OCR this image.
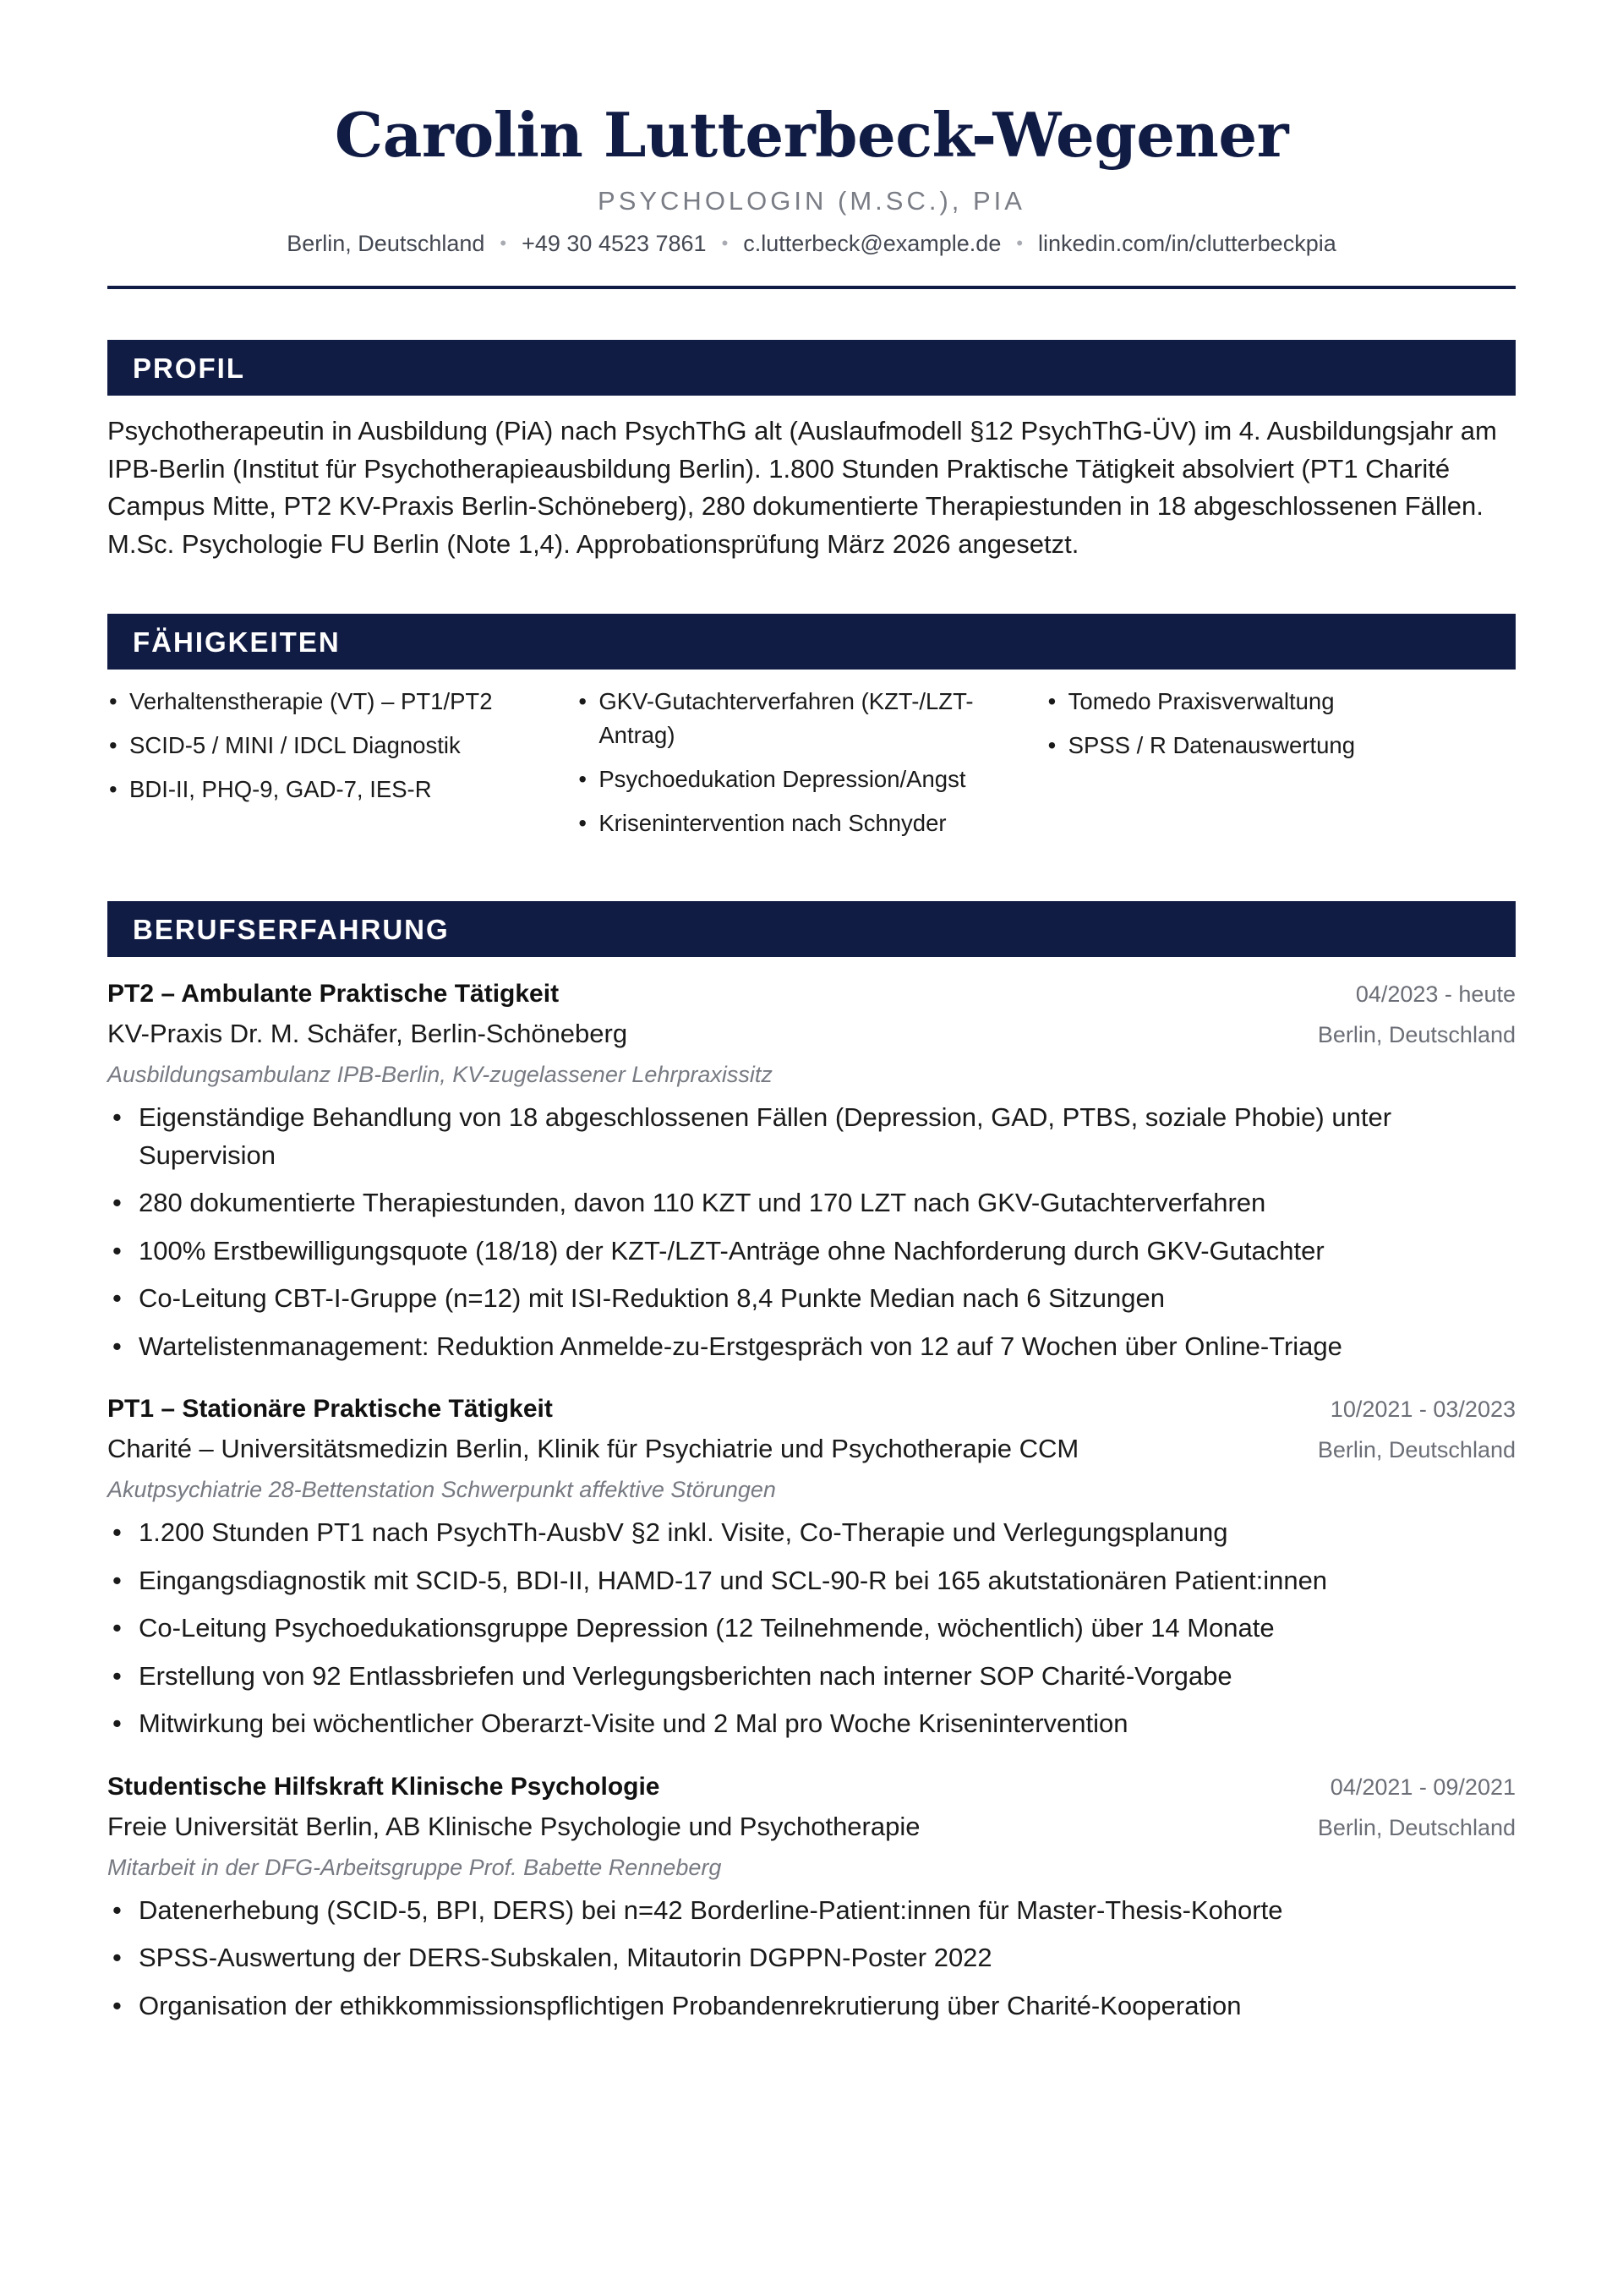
Carolin Lutterbeck-Wegener
PSYCHOLOGIN (M.SC.), PIA
Berlin, Deutschland • +49 30 4523 7861 • c.lutterbeck@example.de • linkedin.com/in/clutterbeckpia
PROFIL
Psychotherapeutin in Ausbildung (PiA) nach PsychThG alt (Auslaufmodell §12 PsychThG-ÜV) im 4. Ausbildungsjahr am IPB-Berlin (Institut für Psychotherapieausbildung Berlin). 1.800 Stunden Praktische Tätigkeit absolviert (PT1 Charité Campus Mitte, PT2 KV-Praxis Berlin-Schöneberg), 280 dokumentierte Therapiestunden in 18 abgeschlossenen Fällen. M.Sc. Psychologie FU Berlin (Note 1,4). Approbationsprüfung März 2026 angesetzt.
FÄHIGKEITEN
• Verhaltenstherapie (VT) – PT1/PT2
• SCID-5 / MINI / IDCL Diagnostik
• BDI-II, PHQ-9, GAD-7, IES-R
• GKV-Gutachterverfahren (KZT-/LZT-Antrag)
• Psychoedukation Depression/Angst
• Krisenintervention nach Schnyder
• Tomedo Praxisverwaltung
• SPSS / R Datenauswertung
BERUFSERFAHRUNG
PT2 – Ambulante Praktische Tätigkeit	04/2023 - heute
KV-Praxis Dr. M. Schäfer, Berlin-Schöneberg	Berlin, Deutschland
Ausbildungsambulanz IPB-Berlin, KV-zugelassener Lehrpraxissitz
• Eigenständige Behandlung von 18 abgeschlossenen Fällen (Depression, GAD, PTBS, soziale Phobie) unter Supervision
• 280 dokumentierte Therapiestunden, davon 110 KZT und 170 LZT nach GKV-Gutachterverfahren
• 100% Erstbewilligungsquote (18/18) der KZT-/LZT-Anträge ohne Nachforderung durch GKV-Gutachter
• Co-Leitung CBT-I-Gruppe (n=12) mit ISI-Reduktion 8,4 Punkte Median nach 6 Sitzungen
• Wartelistenmanagement: Reduktion Anmelde-zu-Erstgespräch von 12 auf 7 Wochen über Online-Triage
PT1 – Stationäre Praktische Tätigkeit	10/2021 - 03/2023
Charité – Universitätsmedizin Berlin, Klinik für Psychiatrie und Psychotherapie CCM	Berlin, Deutschland
Akutpsychiatrie 28-Bettenstation Schwerpunkt affektive Störungen
• 1.200 Stunden PT1 nach PsychTh-AusbV §2 inkl. Visite, Co-Therapie und Verlegungsplanung
• Eingangsdiagnostik mit SCID-5, BDI-II, HAMD-17 und SCL-90-R bei 165 akutstationären Patient:innen
• Co-Leitung Psychoedukationsgruppe Depression (12 Teilnehmende, wöchentlich) über 14 Monate
• Erstellung von 92 Entlassbriefen und Verlegungsberichten nach interner SOP Charité-Vorgabe
• Mitwirkung bei wöchentlicher Oberarzt-Visite und 2 Mal pro Woche Krisenintervention
Studentische Hilfskraft Klinische Psychologie	04/2021 - 09/2021
Freie Universität Berlin, AB Klinische Psychologie und Psychotherapie	Berlin, Deutschland
Mitarbeit in der DFG-Arbeitsgruppe Prof. Babette Renneberg
• Datenerhebung (SCID-5, BPI, DERS) bei n=42 Borderline-Patient:innen für Master-Thesis-Kohorte
• SPSS-Auswertung der DERS-Subskalen, Mitautorin DGPPN-Poster 2022
• Organisation der ethikkommissionspflichtigen Probandenrekrutierung über Charité-Kooperation
